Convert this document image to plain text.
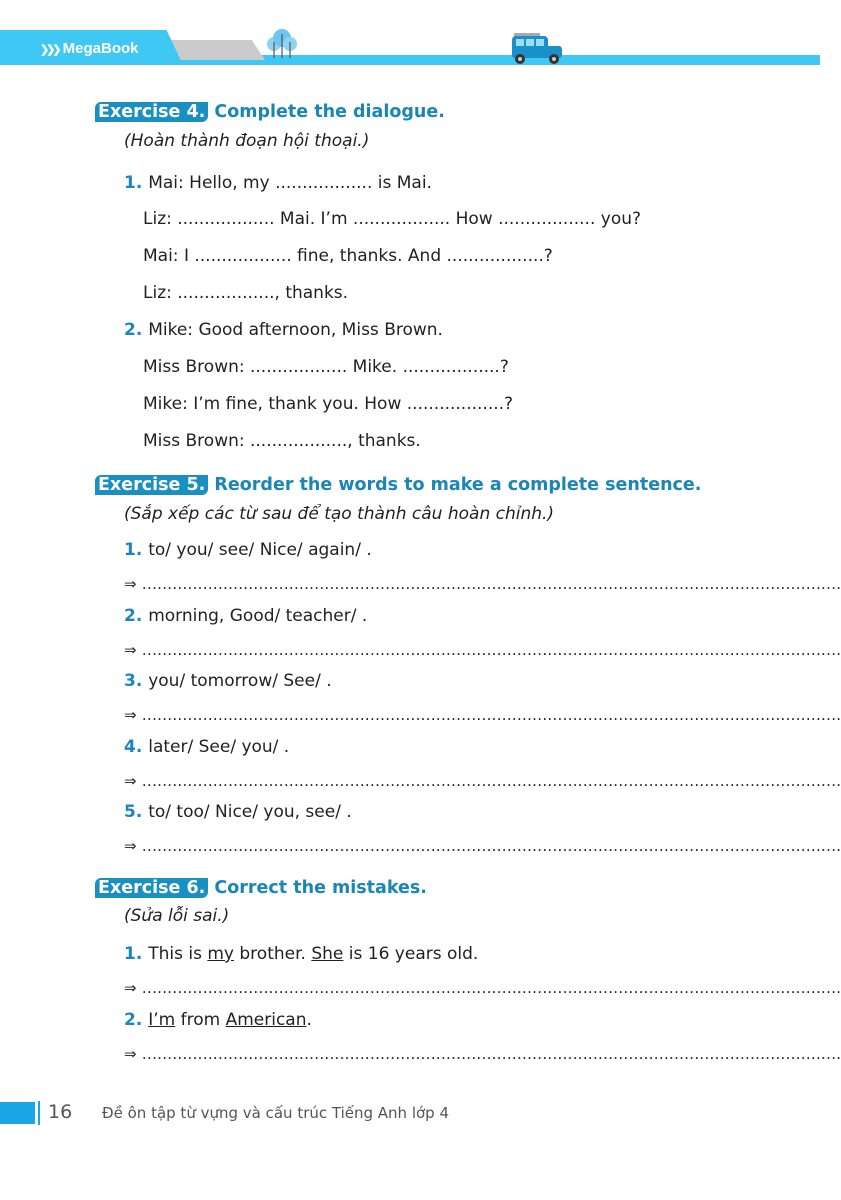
❯❯❯ MegaBook
Exercise 4. Complete the dialogue.
(Hoàn thành đoạn hội thoại.)
1. Mai: Hello, my .................. is Mai.
Liz: .................. Mai. I’m .................. How .................. you?
Mai: I .................. fine, thanks. And ..................?
Liz: .................., thanks.
2. Mike: Good afternoon, Miss Brown.
Miss Brown: .................. Mike. ..................?
Mike: I’m fine, thank you. How ..................?
Miss Brown: .................., thanks.
Exercise 5. Reorder the words to make a complete sentence.
(Sắp xếp các từ sau để tạo thành câu hoàn chỉnh.)
1. to/ you/ see/ Nice/ again/ .
⇒ ..........................................................................................................................................
2. morning, Good/ teacher/ .
⇒ ..........................................................................................................................................
3. you/ tomorrow/ See/ .
⇒ ..........................................................................................................................................
4. later/ See/ you/ .
⇒ ..........................................................................................................................................
5. to/ too/ Nice/ you, see/ .
⇒ ..........................................................................................................................................
Exercise 6. Correct the mistakes.
(Sửa lỗi sai.)
1. This is my brother. She is 16 years old.
⇒ ..........................................................................................................................................
2. I’m from American.
⇒ ..........................................................................................................................................
16 Đề ôn tập từ vựng và cấu trúc Tiếng Anh lớp 4
